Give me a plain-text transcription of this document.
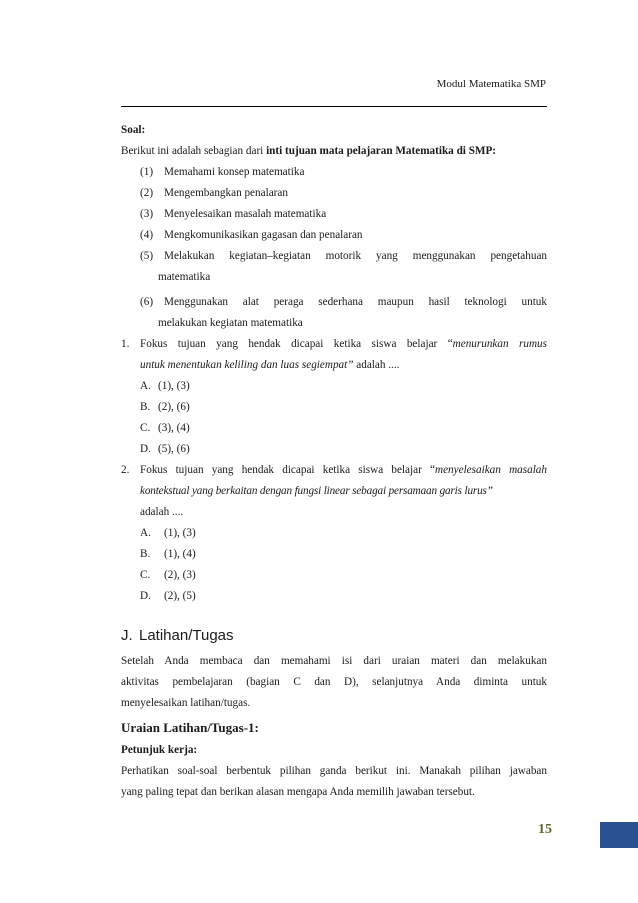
Modul Matematika SMP
Soal:
Berikut ini adalah sebagian dari inti tujuan mata pelajaran Matematika di SMP:
(1) Memahami konsep matematika
(2) Mengembangkan penalaran
(3) Menyelesaikan masalah matematika
(4) Mengkomunikasikan gagasan dan penalaran
(5) Melakukan kegiatan–kegiatan motorik yang menggunakan pengetahuan
matematika
(6) Menggunakan alat peraga sederhana maupun hasil teknologi untuk
melakukan kegiatan matematika
1. Fokus tujuan yang hendak dicapai ketika siswa belajar “menurunkan rumus
untuk menentukan keliling dan luas segiempat” adalah ....
A. (1), (3)
B. (2), (6)
C. (3), (4)
D. (5), (6)
2. Fokus tujuan yang hendak dicapai ketika siswa belajar “menyelesaikan masalah
kontekstual yang berkaitan dengan fungsi linear sebagai persamaan garis lurus”
adalah ....
A. (1), (3)
B. (1), (4)
C. (2), (3)
D. (2), (5)
J. Latihan/Tugas
Setelah Anda membaca dan memahami isi dari uraian materi dan melakukan
aktivitas pembelajaran (bagian C dan D), selanjutnya Anda diminta untuk
menyelesaikan latihan/tugas.
Uraian Latihan/Tugas-1:
Petunjuk kerja:
Perhatikan soal-soal berbentuk pilihan ganda berikut ini. Manakah pilihan jawaban
yang paling tepat dan berikan alasan mengapa Anda memilih jawaban tersebut.
15
